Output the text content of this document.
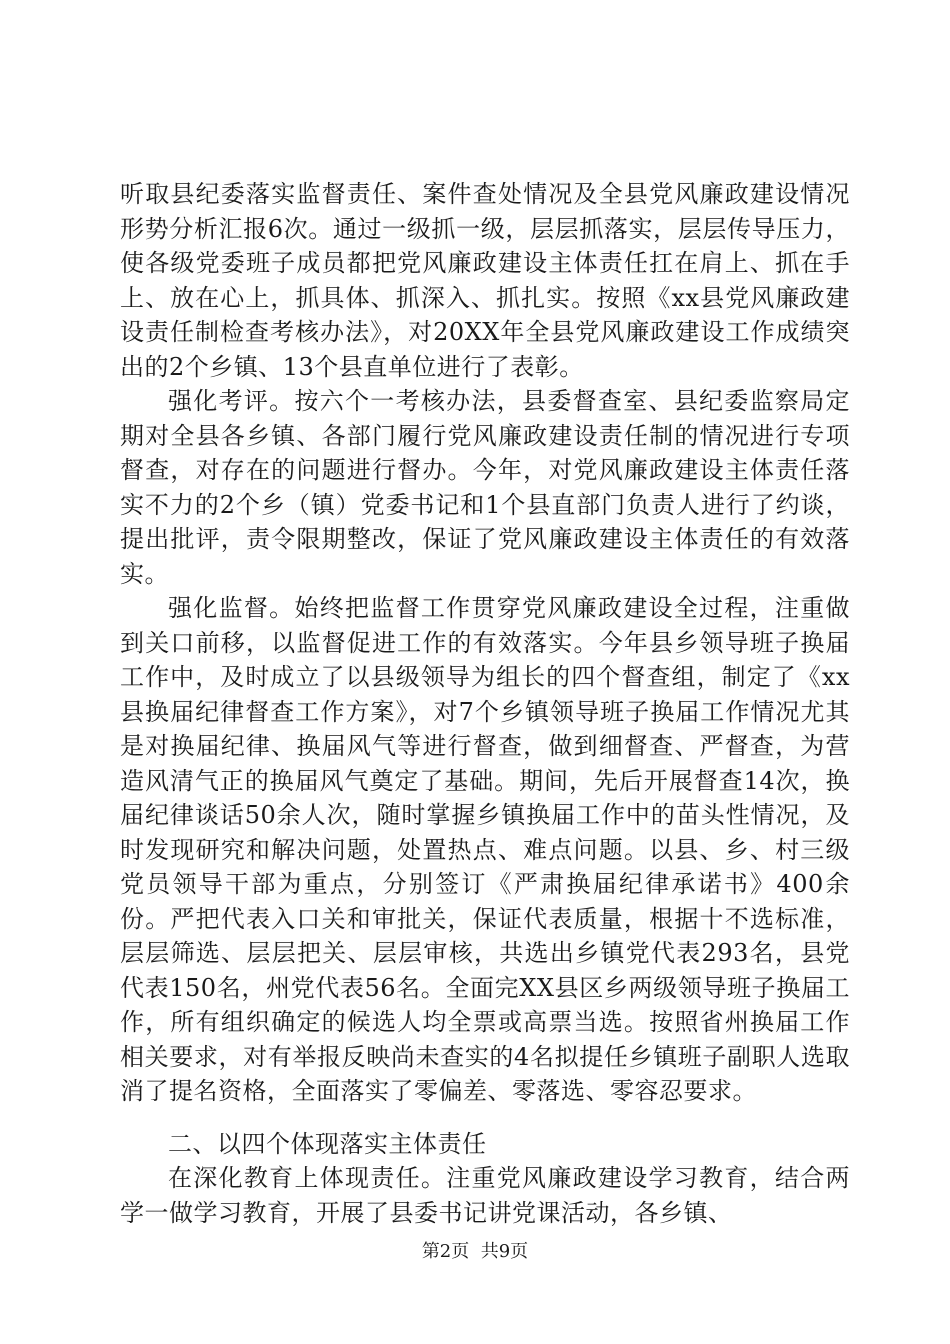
听取县纪委落实监督责任、案件查处情况及全县党风廉政建设情况形势分析汇报6次。通过一级抓一级，层层抓落实，层层传导压力，使各级党委班子成员都把党风廉政建设主体责任扛在肩上、抓在手上、放在心上，抓具体、抓深入、抓扎实。按照《xx县党风廉政建设责任制检查考核办法》，对20XX年全县党风廉政建设工作成绩突出的2个乡镇、13个县直单位进行了表彰。

强化考评。按六个一考核办法，县委督查室、县纪委监察局定期对全县各乡镇、各部门履行党风廉政建设责任制的情况进行专项督查，对存在的问题进行督办。今年，对党风廉政建设主体责任落实不力的2个乡（镇）党委书记和1个县直部门负责人进行了约谈，提出批评，责令限期整改，保证了党风廉政建设主体责任的有效落实。

强化监督。始终把监督工作贯穿党风廉政建设全过程，注重做到关口前移，以监督促进工作的有效落实。今年县乡领导班子换届工作中，及时成立了以县级领导为组长的四个督查组，制定了《xx县换届纪律督查工作方案》，对7个乡镇领导班子换届工作情况尤其是对换届纪律、换届风气等进行督查，做到细督查、严督查，为营造风清气正的换届风气奠定了基础。期间，先后开展督查14次，换届纪律谈话50余人次，随时掌握乡镇换届工作中的苗头性情况，及时发现研究和解决问题，处置热点、难点问题。以县、乡、村三级党员领导干部为重点，分别签订《严肃换届纪律承诺书》400余份。严把代表入口关和审批关，保证代表质量，根据十不选标准，层层筛选、层层把关、层层审核，共选出乡镇党代表293名，县党代表150名，州党代表56名。全面完XX县区乡两级领导班子换届工作，所有组织确定的候选人均全票或高票当选。按照省州换届工作相关要求，对有举报反映尚未查实的4名拟提任乡镇班子副职人选取消了提名资格，全面落实了零偏差、零落选、零容忍要求。

二、以四个体现落实主体责任

在深化教育上体现责任。注重党风廉政建设学习教育，结合两学一做学习教育，开展了县委书记讲党课活动，各乡镇、

第2页  共9页
